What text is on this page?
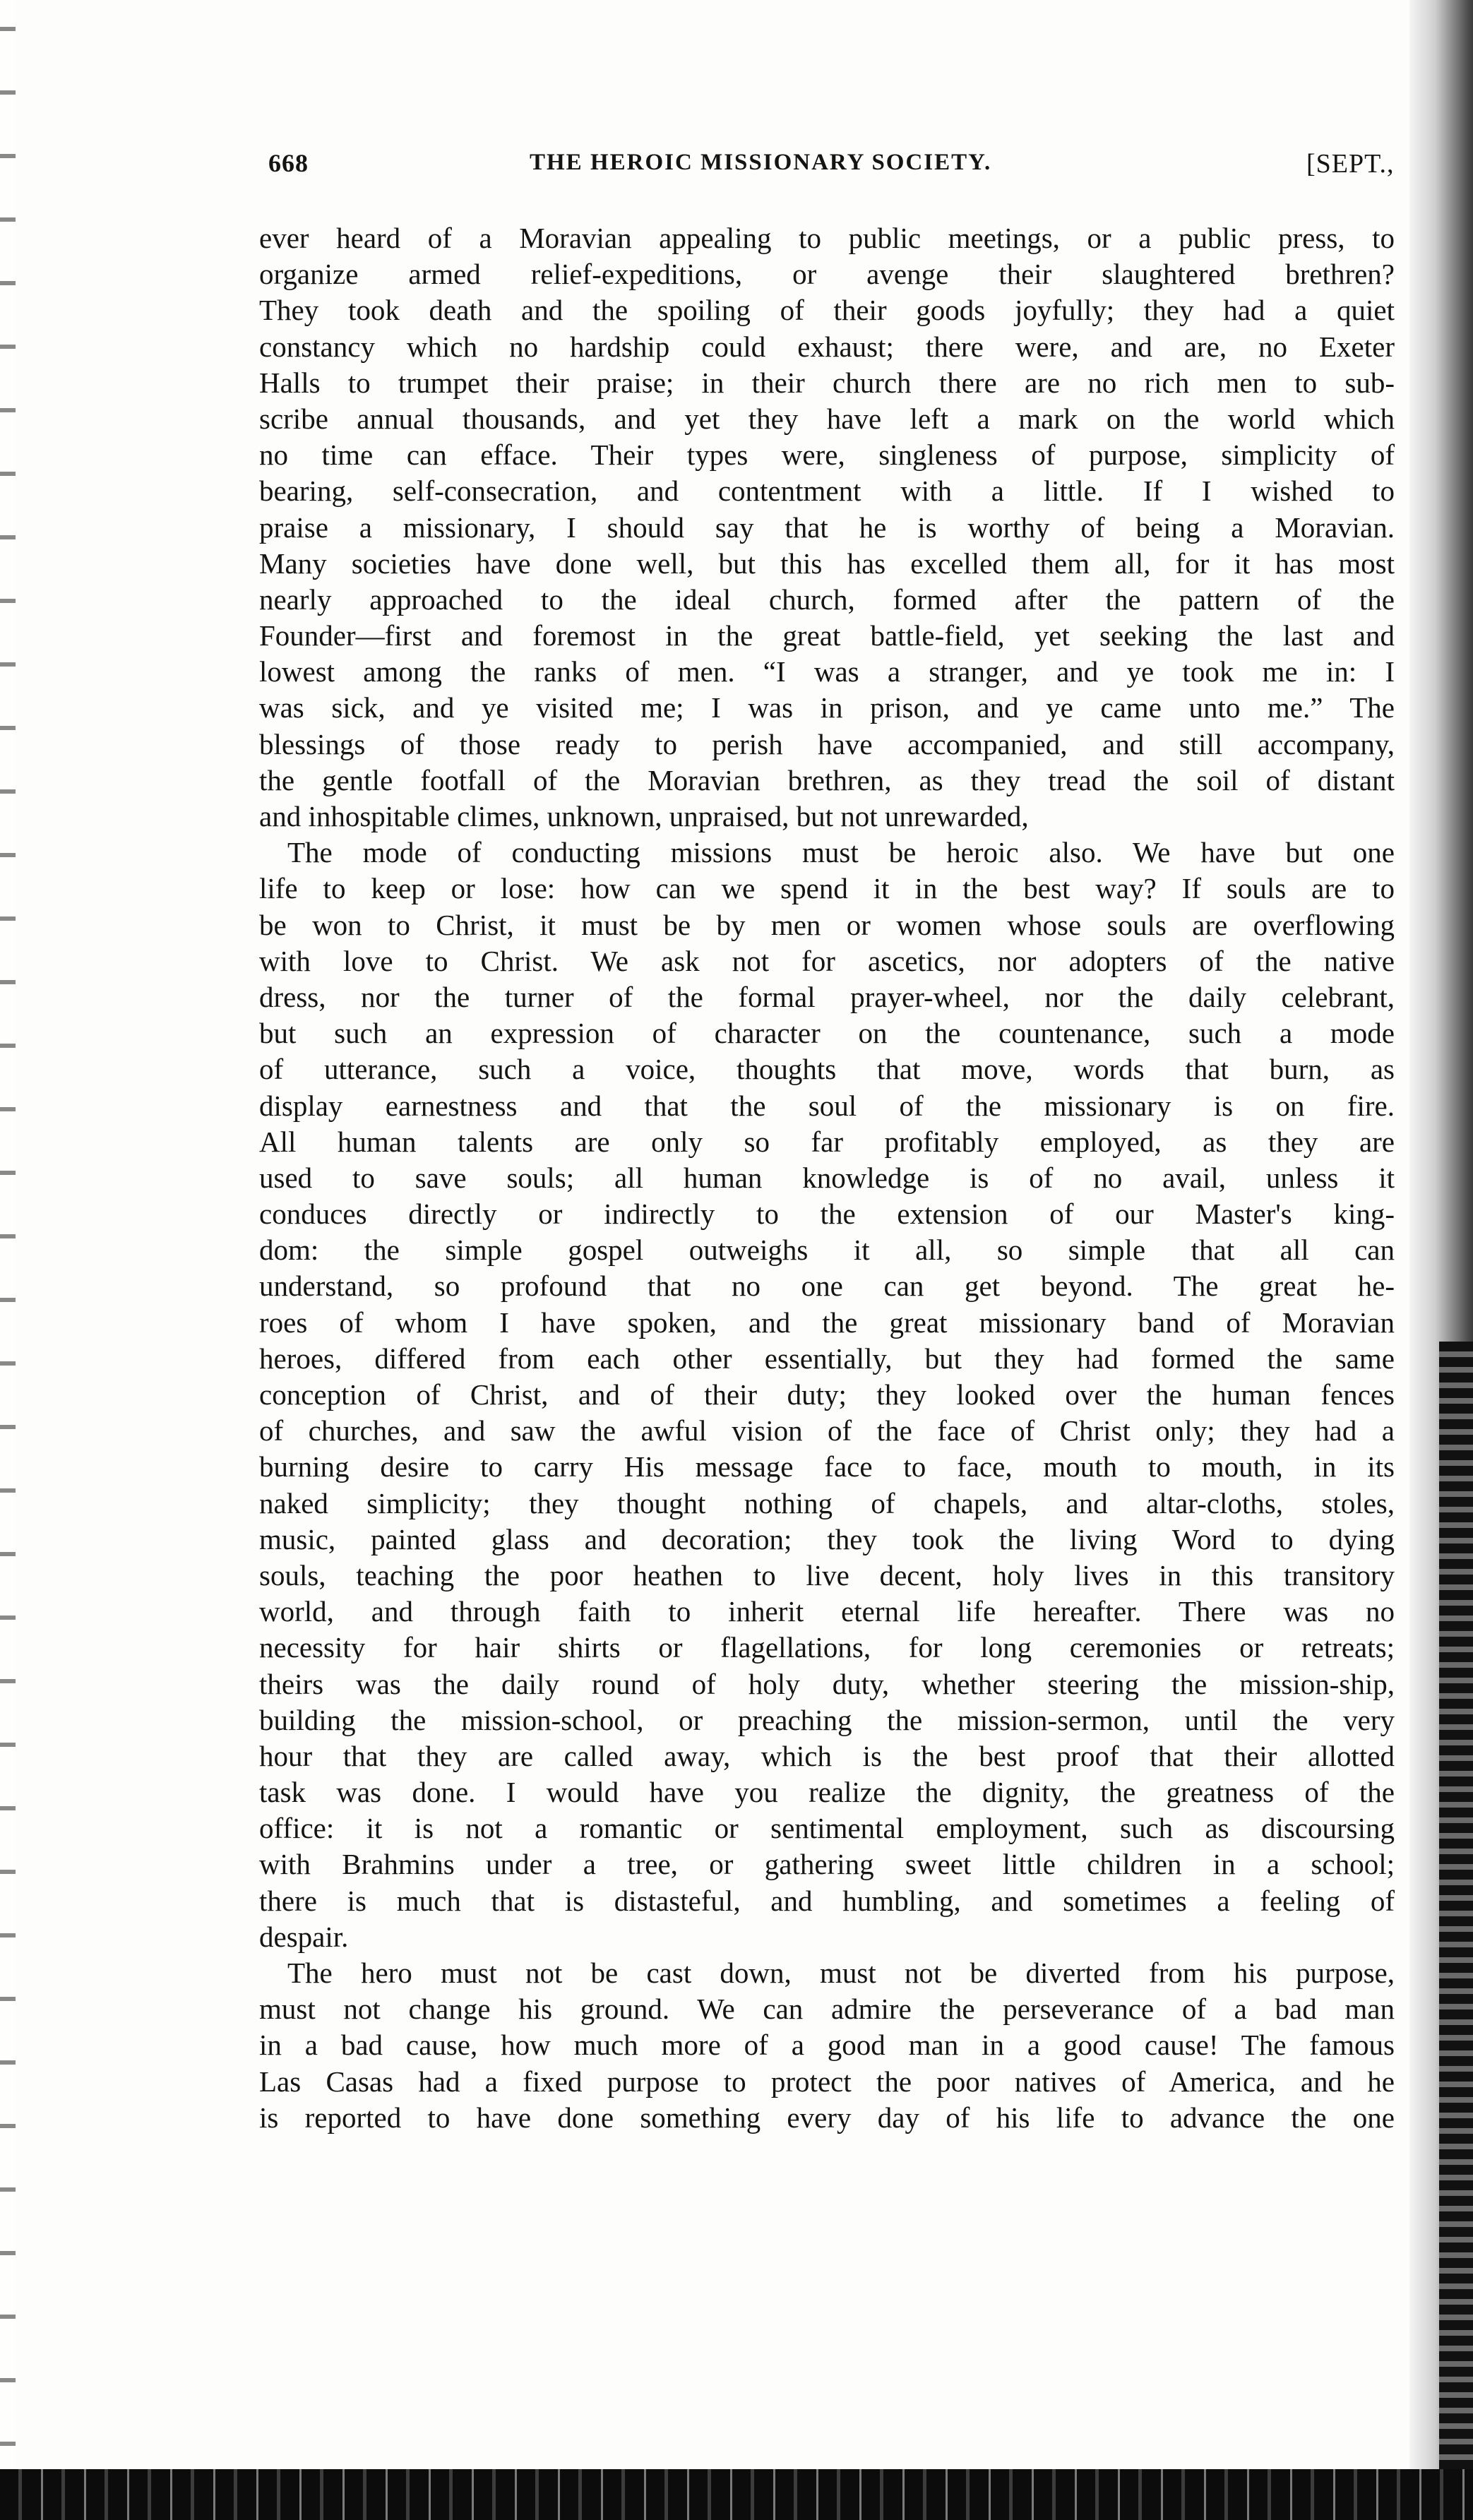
668	THE HEROIC MISSIONARY SOCIETY.	[SEPT.,
ever heard of a Moravian appealing to public meetings, or a public press, to
organize armed relief-expeditions, or avenge their slaughtered brethren?
They took death and the spoiling of their goods joyfully; they had a quiet
constancy which no hardship could exhaust; there were, and are, no Exeter
Halls to trumpet their praise; in their church there are no rich men to sub-
scribe annual thousands, and yet they have left a mark on the world which
no time can efface. Their types were, singleness of purpose, simplicity of
bearing, self-consecration, and contentment with a little. If I wished to
praise a missionary, I should say that he is worthy of being a Moravian.
Many societies have done well, but this has excelled them all, for it has most
nearly approached to the ideal church, formed after the pattern of the
Founder—first and foremost in the great battle-field, yet seeking the last and
lowest among the ranks of men. “I was a stranger, and ye took me in: I
was sick, and ye visited me; I was in prison, and ye came unto me.” The
blessings of those ready to perish have accompanied, and still accompany,
the gentle footfall of the Moravian brethren, as they tread the soil of distant
and inhospitable climes, unknown, unpraised, but not unrewarded,
The mode of conducting missions must be heroic also. We have but one
life to keep or lose: how can we spend it in the best way? If souls are to
be won to Christ, it must be by men or women whose souls are overflowing
with love to Christ. We ask not for ascetics, nor adopters of the native
dress, nor the turner of the formal prayer-wheel, nor the daily celebrant,
but such an expression of character on the countenance, such a mode
of utterance, such a voice, thoughts that move, words that burn, as
display earnestness and that the soul of the missionary is on fire.
All human talents are only so far profitably employed, as they are
used to save souls; all human knowledge is of no avail, unless it
conduces directly or indirectly to the extension of our Master's king-
dom: the simple gospel outweighs it all, so simple that all can
understand, so profound that no one can get beyond. The great he-
roes of whom I have spoken, and the great missionary band of Moravian
heroes, differed from each other essentially, but they had formed the same
conception of Christ, and of their duty; they looked over the human fences
of churches, and saw the awful vision of the face of Christ only; they had a
burning desire to carry His message face to face, mouth to mouth, in its
naked simplicity; they thought nothing of chapels, and altar-cloths, stoles,
music, painted glass and decoration; they took the living Word to dying
souls, teaching the poor heathen to live decent, holy lives in this transitory
world, and through faith to inherit eternal life hereafter. There was no
necessity for hair shirts or flagellations, for long ceremonies or retreats;
theirs was the daily round of holy duty, whether steering the mission-ship,
building the mission-school, or preaching the mission-sermon, until the very
hour that they are called away, which is the best proof that their allotted
task was done. I would have you realize the dignity, the greatness of the
office: it is not a romantic or sentimental employment, such as discoursing
with Brahmins under a tree, or gathering sweet little children in a school;
there is much that is distasteful, and humbling, and sometimes a feeling of
despair.
The hero must not be cast down, must not be diverted from his purpose,
must not change his ground. We can admire the perseverance of a bad man
in a bad cause, how much more of a good man in a good cause! The famous
Las Casas had a fixed purpose to protect the poor natives of America, and he
is reported to have done something every day of his life to advance the one
